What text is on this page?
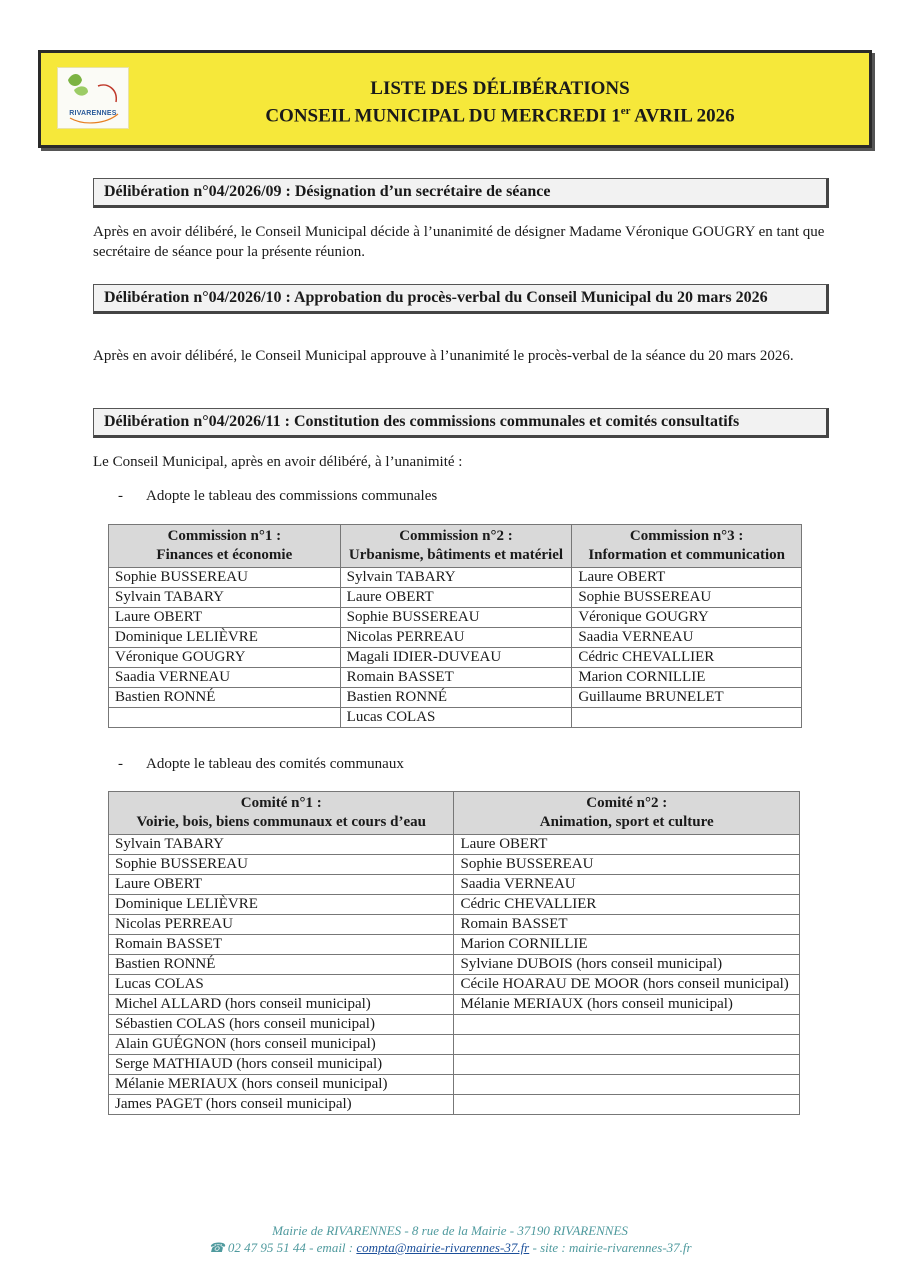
RIVARENNES
LISTE DES DÉLIBÉRATIONS
CONSEIL MUNICIPAL DU MERCREDI 1er AVRIL 2026
Délibération n°04/2026/09 : Désignation d’un secrétaire de séance
Après en avoir délibéré, le Conseil Municipal décide à l’unanimité de désigner Madame Véronique GOUGRY en tant que secrétaire de séance pour la présente réunion.
Délibération n°04/2026/10 : Approbation du procès-verbal du Conseil Municipal du 20 mars 2026
Après en avoir délibéré, le Conseil Municipal approuve à l’unanimité le procès-verbal de la séance du 20 mars 2026.
Délibération n°04/2026/11 : Constitution des commissions communales et comités consultatifs
Le Conseil Municipal, après en avoir délibéré, à l’unanimité :
- Adopte le tableau des commissions communales
Commission n°1 :
Finances et économie	Commission n°2 :
Urbanisme, bâtiments et matériel	Commission n°3 :
Information et communication
Sophie BUSSEREAU	Sylvain TABARY	Laure OBERT
Sylvain TABARY	Laure OBERT	Sophie BUSSEREAU
Laure OBERT	Sophie BUSSEREAU	Véronique GOUGRY
Dominique LELIÈVRE	Nicolas PERREAU	Saadia VERNEAU
Véronique GOUGRY	Magali IDIER-DUVEAU	Cédric CHEVALLIER
Saadia VERNEAU	Romain BASSET	Marion CORNILLIE
Bastien RONNÉ	Bastien RONNÉ	Guillaume BRUNELET
	Lucas COLAS	
- Adopte le tableau des comités communaux
Comité n°1 :
Voirie, bois, biens communaux et cours d’eau	Comité n°2 :
Animation, sport et culture
Sylvain TABARY	Laure OBERT
Sophie BUSSEREAU	Sophie BUSSEREAU
Laure OBERT	Saadia VERNEAU
Dominique LELIÈVRE	Cédric CHEVALLIER
Nicolas PERREAU	Romain BASSET
Romain BASSET	Marion CORNILLIE
Bastien RONNÉ	Sylviane DUBOIS (hors conseil municipal)
Lucas COLAS	Cécile HOARAU DE MOOR (hors conseil municipal)
Michel ALLARD (hors conseil municipal)	Mélanie MERIAUX (hors conseil municipal)
Sébastien COLAS (hors conseil municipal)	
Alain GUÉGNON (hors conseil municipal)	
Serge MATHIAUD (hors conseil municipal)	
Mélanie MERIAUX (hors conseil municipal)	
James PAGET (hors conseil municipal)	
Mairie de RIVARENNES - 8 rue de la Mairie - 37190 RIVARENNES
☎ 02 47 95 51 44 - email : compta@mairie-rivarennes-37.fr - site : mairie-rivarennes-37.fr
